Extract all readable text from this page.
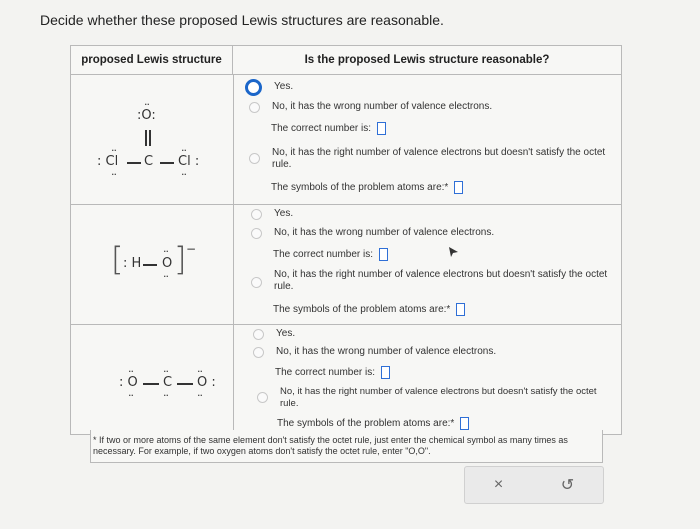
Decide whether these proposed Lewis structures are reasonable.
proposed Lewis structure	Is the proposed Lewis structure reasonable?
:O:
··
: Cl
··
··
C Cl :
··
··
[ : H O
··
·· ] −
: O
··
··
C
··
··
O :
··
··
Yes.
No, it has the wrong number of valence electrons.
The correct number is:
No, it has the right number of valence electrons but doesn't satisfy the octet rule.
The symbols of the problem atoms are:*
Yes.
No, it has the wrong number of valence electrons.
The correct number is:
No, it has the right number of valence electrons but doesn't satisfy the octet rule.
The symbols of the problem atoms are:*
Yes.
No, it has the wrong number of valence electrons.
The correct number is:
No, it has the right number of valence electrons but doesn't satisfy the octet rule.
The symbols of the problem atoms are:*
* If two or more atoms of the same element don't satisfy the octet rule, just enter the chemical symbol as many times as necessary. For example, if two oxygen atoms don't satisfy the octet rule, enter "O,O".
×	↺
